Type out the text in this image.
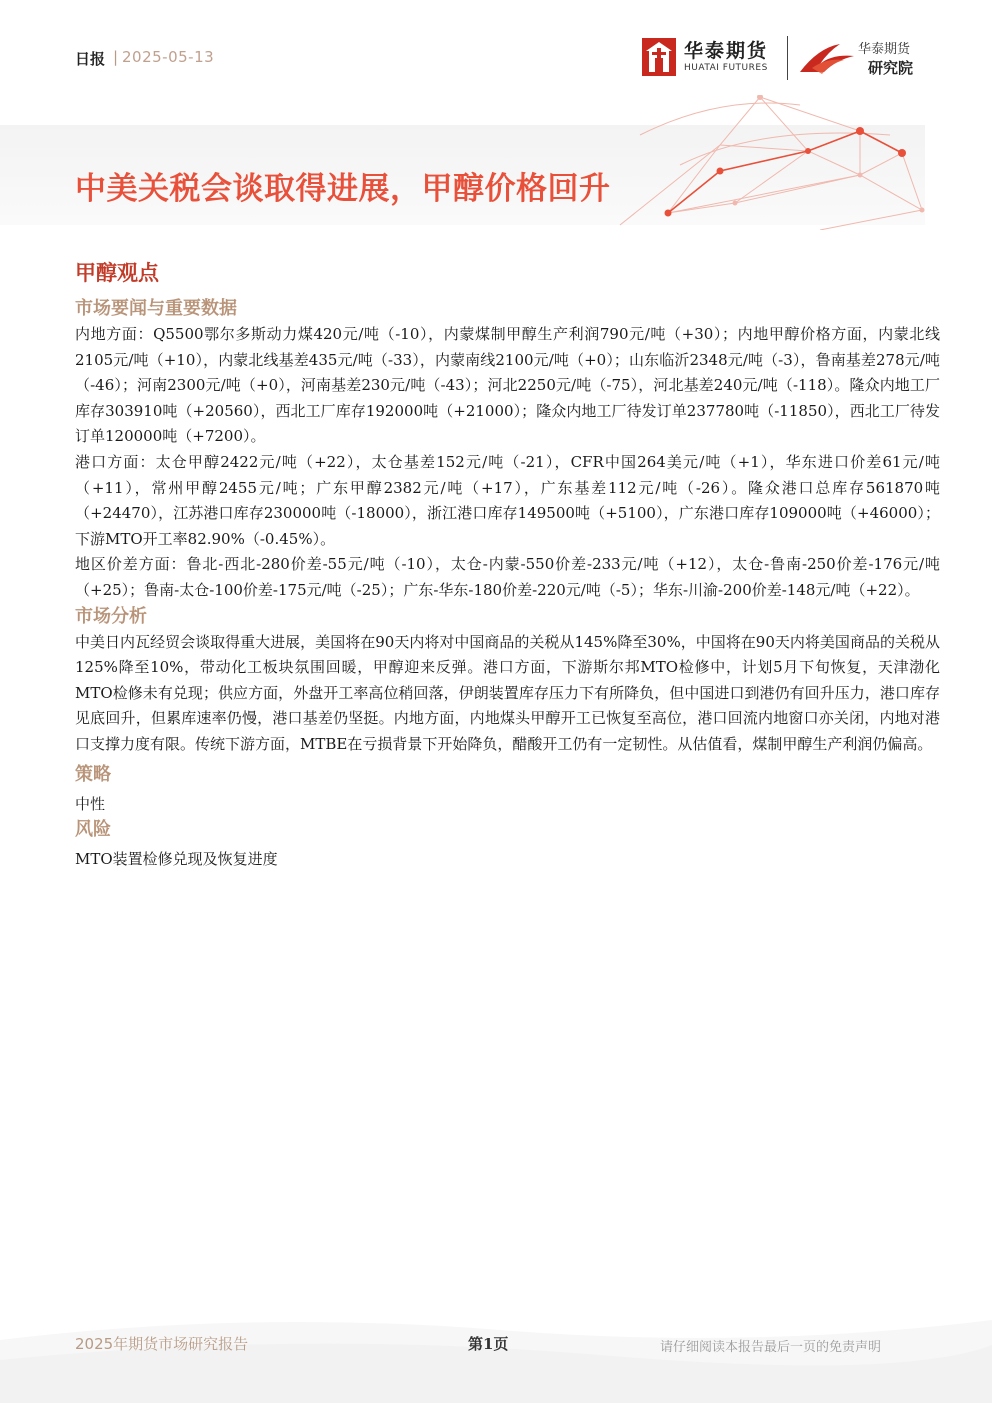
日报 | 2025-05-13	华泰期货
HUATAI FUTURES
华泰期货
研究院
中美关税会谈取得进展，甲醇价格回升
甲醇观点
市场要闻与重要数据

内地方面：Q5500鄂尔多斯动力煤420元/吨（-10），内蒙煤制甲醇生产利润790元/吨（+30）；内地甲醇价格方面，内蒙北线2105元/吨（+10），内蒙北线基差435元/吨（-33），内蒙南线2100元/吨（+0）；山东临沂2348元/吨（-3），鲁南基差278元/吨（-46）；河南2300元/吨（+0），河南基差230元/吨（-43）；河北2250元/吨（-75），河北基差240元/吨（-118）。隆众内地工厂库存303910吨（+20560），西北工厂库存192000吨（+21000）；隆众内地工厂待发订单237780吨（-11850），西北工厂待发订单120000吨（+7200）。

港口方面：太仓甲醇2422元/吨（+22），太仓基差152元/吨（-21），CFR中国264美元/吨（+1），华东进口价差61元/吨（+11），常州甲醇2455元/吨；广东甲醇2382元/吨（+17），广东基差112元/吨（-26）。隆众港口总库存561870吨（+24470），江苏港口库存230000吨（-18000），浙江港口库存149500吨（+5100），广东港口库存109000吨（+46000）；下游MTO开工率82.90%（-0.45%）。

地区价差方面：鲁北-西北-280价差-55元/吨（-10），太仓-内蒙-550价差-233元/吨（+12），太仓-鲁南-250价差-176元/吨（+25）；鲁南-太仓-100价差-175元/吨（-25）；广东-华东-180价差-220元/吨（-5）；华东-川渝-200价差-148元/吨（+22）。

市场分析

中美日内瓦经贸会谈取得重大进展，美国将在90天内将对中国商品的关税从145%降至30%，中国将在90天内将美国商品的关税从125%降至10%，带动化工板块氛围回暖，甲醇迎来反弹。港口方面，下游斯尔邦MTO检修中，计划5月下旬恢复，天津渤化MTO检修未有兑现；供应方面，外盘开工率高位稍回落，伊朗装置库存压力下有所降负，但中国进口到港仍有回升压力，港口库存见底回升，但累库速率仍慢，港口基差仍坚挺。内地方面，内地煤头甲醇开工已恢复至高位，港口回流内地窗口亦关闭，内地对港口支撑力度有限。传统下游方面，MTBE在亏损背景下开始降负，醋酸开工仍有一定韧性。从估值看，煤制甲醇生产利润仍偏高。

策略

中性

风险

MTO装置检修兑现及恢复进度

2025年期货市场研究报告	第1页	请仔细阅读本报告最后一页的免责声明
